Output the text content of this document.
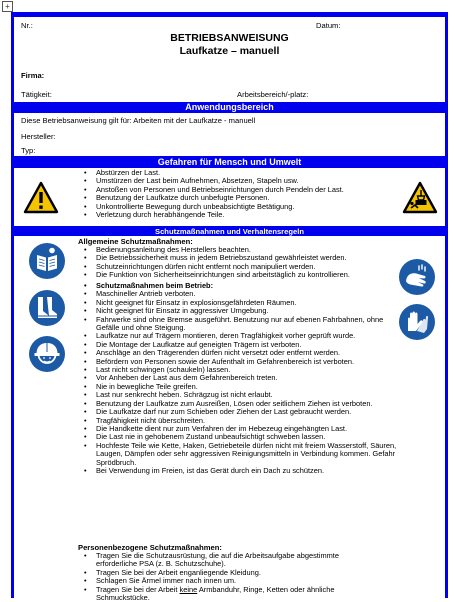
+
Nr.:	Datum:
BETRIEBSANWEISUNG
Laufkatze – manuell
Firma:
Tätigkeit:	Arbeitsbereich/-platz:
Anwendungsbereich
Diese Betriebsanweisung gilt für: Arbeiten mit der Laufkatze - manuell
Hersteller:
Typ:
Gefahren für Mensch und Umwelt
• Abstürzen der Last.
• Umstürzen der Last beim Aufnehmen, Absetzen, Stapeln usw.
• Anstoßen von Personen und Betriebseinrichtungen durch Pendeln der Last.
• Benutzung der Laufkatze durch unbefugte Personen.
• Unkontrollierte Bewegung durch unbeabsichtigte Betätigung.
• Verletzung durch herabhängende Teile.
Schutzmaßnahmen und Verhaltensregeln
Allgemeine Schutzmaßnahmen:
• Bedienungsanleitung des Herstellers beachten.
• Die Betriebssicherheit muss in jedem Betriebszustand gewährleistet werden.
• Schutzeinrichtungen dürfen nicht entfernt noch manipuliert werden.
• Die Funktion von Sicherheitseinrichtungen sind arbeitstäglich zu kontrollieren.
• Schutzmaßnahmen beim Betrieb:
• Maschineller Antrieb verboten.
• Nicht geeignet für Einsatz in explosionsgefährdeten Räumen.
• Nicht geeignet für Einsatz in aggressiver Umgebung.
• Fahrwerke sind ohne Bremse ausgeführt. Benutzung nur auf ebenen Fahrbahnen, ohne Gefälle und ohne Steigung.
• Laufkatze nur auf Trägern montieren, deren Tragfähigkeit vorher geprüft wurde.
• Die Montage der Laufkatze auf geneigten Trägern ist verboten.
• Anschläge an den Trägerenden dürfen nicht versetzt oder entfernt werden.
• Befördern von Personen sowie der Aufenthalt im Gefahrenbereich ist verboten.
• Last nicht schwingen (schaukeln) lassen.
• Vor Anheben der Last aus dem Gefahrenbereich treten.
• Nie in bewegliche Teile greifen.
• Last nur senkrecht heben. Schrägzug ist nicht erlaubt.
• Benutzung der Laufkatze zum Ausreißen, Lösen oder seitlichem Ziehen ist verboten.
• Die Laufkatze darf nur zum Schieben oder Ziehen der Last gebraucht werden.
• Tragfähigkeit nicht überschreiten.
• Die Handkette dient nur zum Verfahren der im Hebezeug eingehängten Last.
• Die Last nie in gehobenem Zustand unbeaufsichtigt schweben lassen.
• Hochfeste Teile wie Kette, Haken, Getriebeteile dürfen nicht mit freiem Wasserstoff, Säuren, Laugen, Dämpfen oder sehr aggressiven Reinigungsmitteln in Verbindung kommen. Gefahr Sprödbruch.
• Bei Verwendung im Freien, ist das Gerät durch ein Dach zu schützen.
Personenbezogene Schutzmaßnahmen:
• Tragen Sie die Schutzausrüstung, die auf die Arbeitsaufgabe abgestimmte erforderliche PSA (z. B. Schutzschuhe).
• Tragen Sie bei der Arbeit enganliegende Kleidung.
• Schlagen Sie Ärmel immer nach innen um.
• Tragen Sie bei der Arbeit keine Armbanduhr, Ringe, Ketten oder ähnliche Schmuckstücke.
